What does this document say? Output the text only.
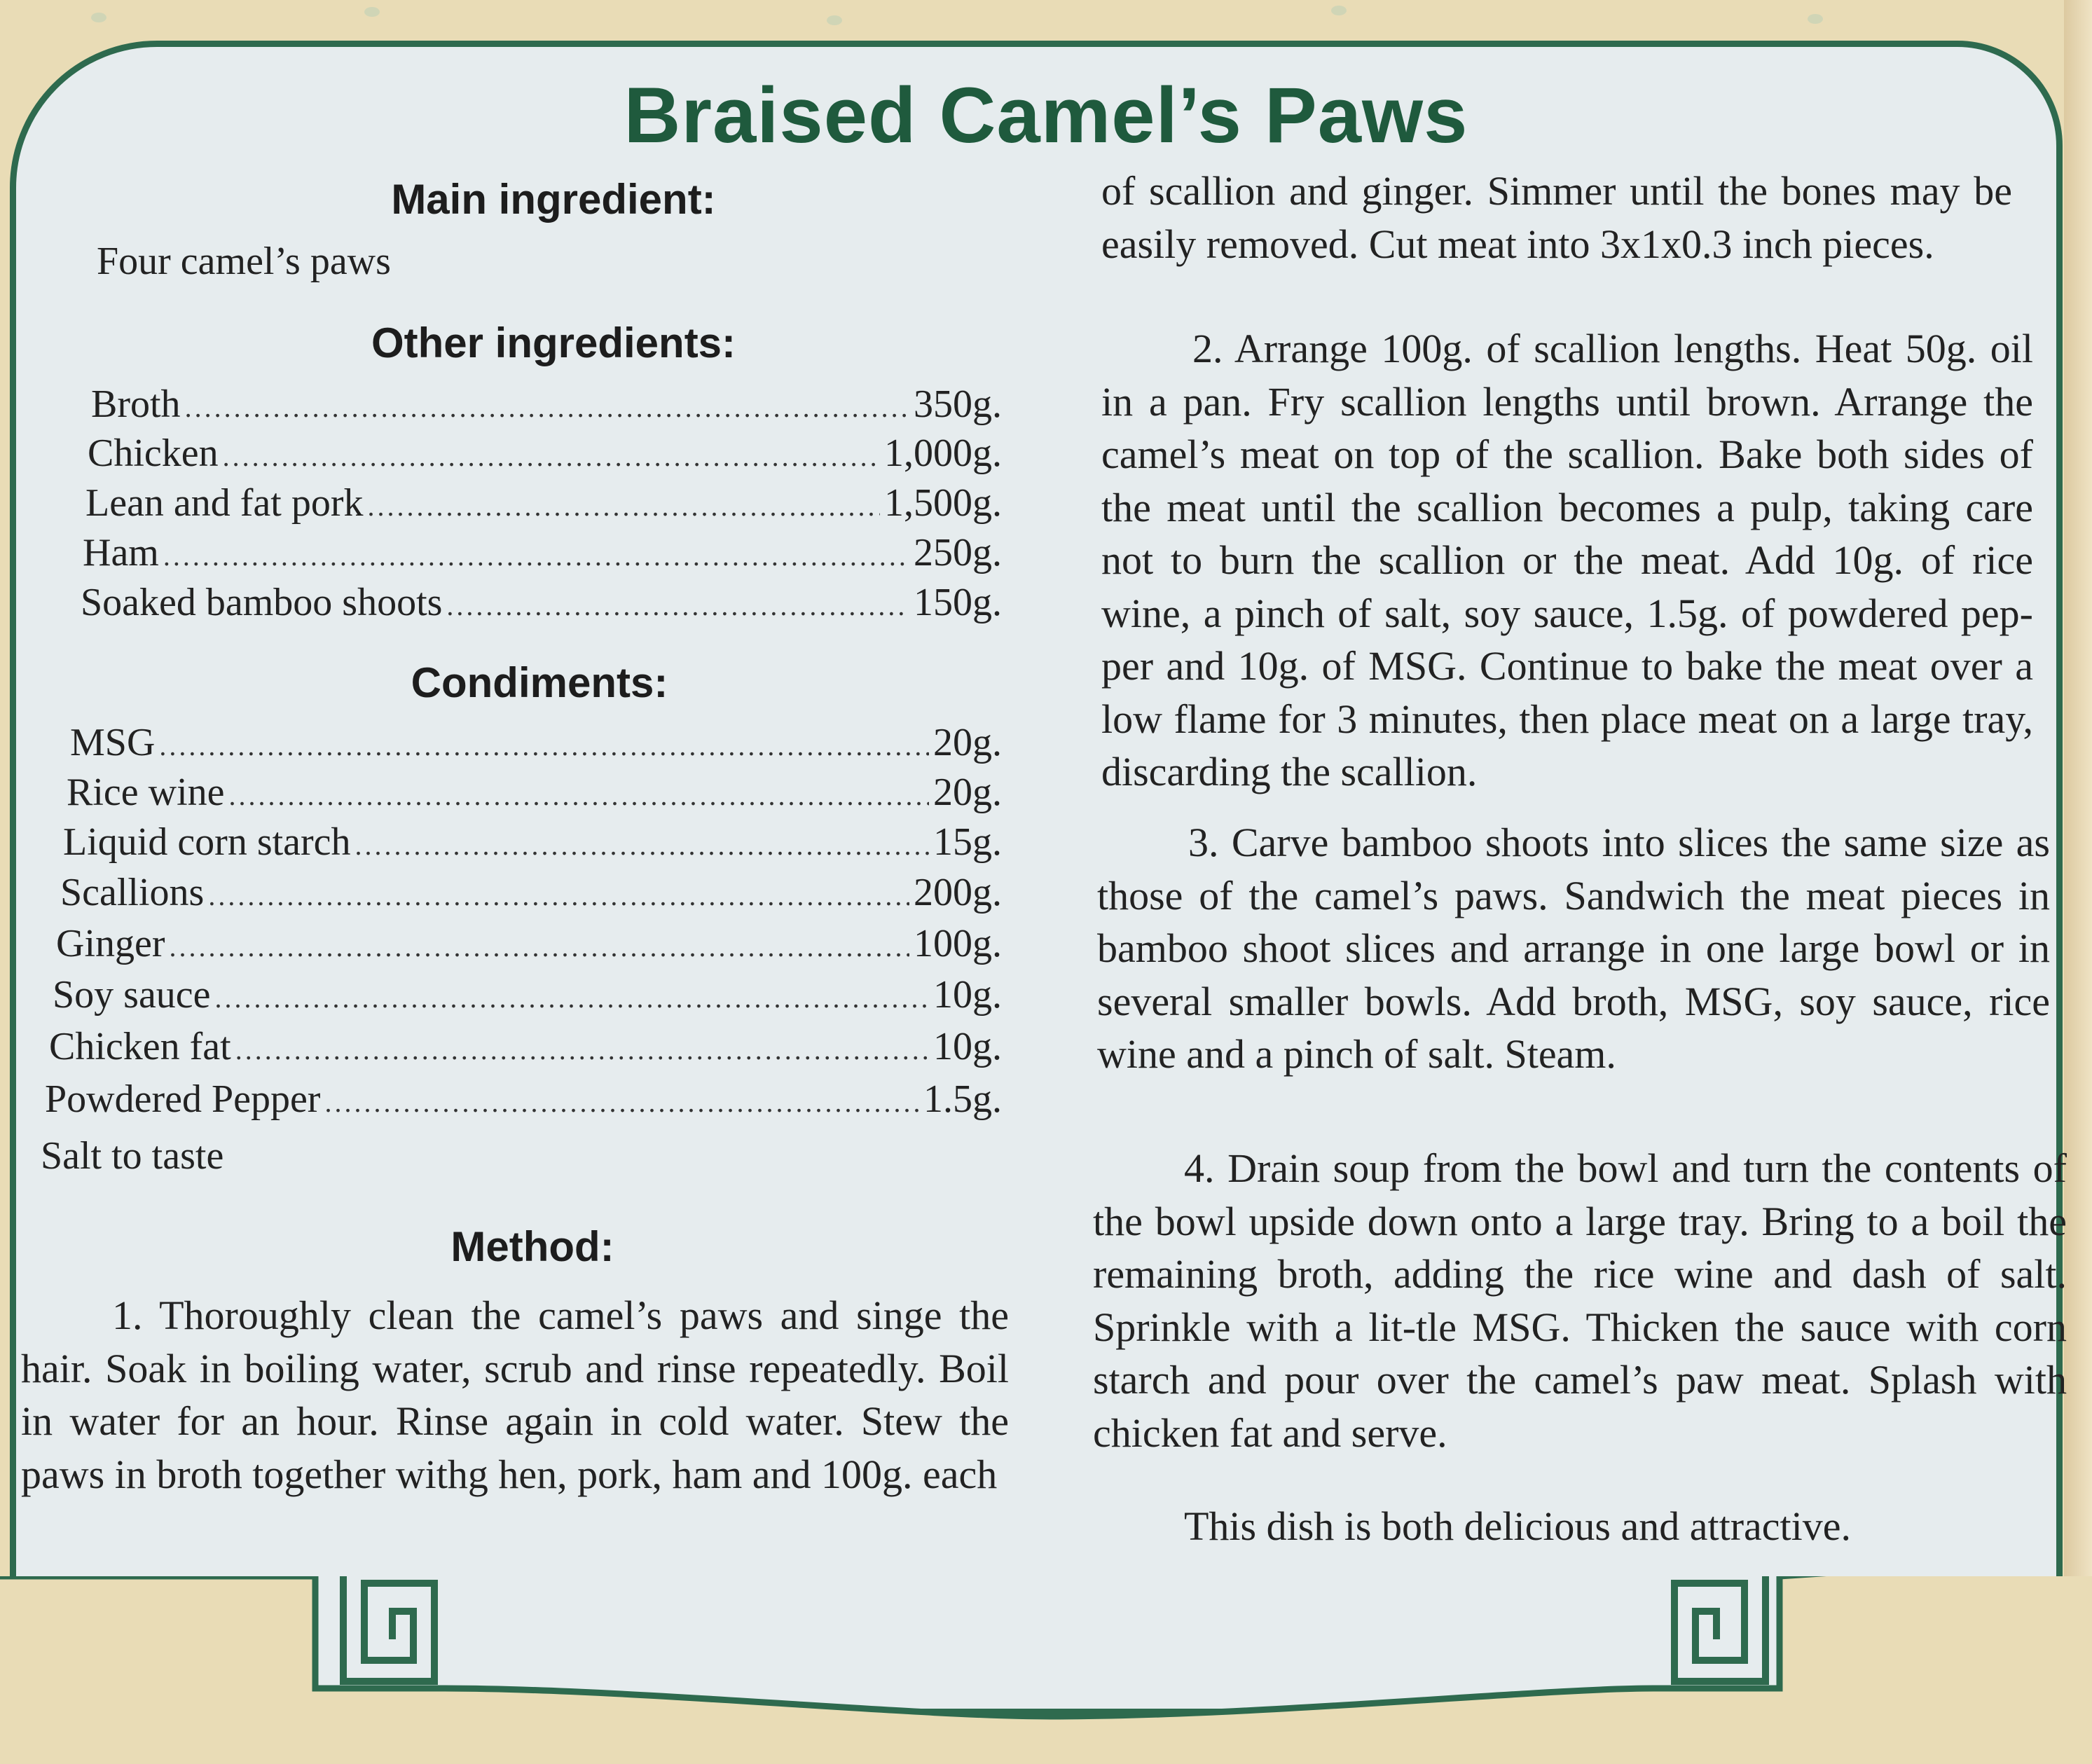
Braised Camel’s Paws
Main ingredient:
Four camel’s paws
Other ingredients:
Broth .....	350g.
Chicken .....	1,000g.
Lean and fat pork .....	1,500g.
Ham .....	250g.
Soaked bamboo shoots .....	150g.
Condiments:
MSG .....	20g.
Rice wine .....	20g.
Liquid corn starch .....	15g.
Scallions .....	200g.
Ginger .....	100g.
Soy sauce .....	10g.
Chicken fat .....	10g.
Powdered Pepper .....	1.5g.
Salt to taste
Method:
1. Thoroughly clean the camel’s paws and singe the hair. Soak in boiling water, scrub and rinse repeatedly. Boil in water for an hour. Rinse again in cold water. Stew the paws in broth together withg hen, pork, ham and 100g. each
of scallion and ginger. Simmer until the bones may be easily removed. Cut meat into 3x1x0.3 inch pieces.
2. Arrange 100g. of scallion lengths. Heat 50g. oil in a pan. Fry scallion lengths until brown. Arrange the camel’s meat on top of the scallion. Bake both sides of the meat until the scallion becomes a pulp, taking care not to burn the scallion or the meat. Add 10g. of rice wine, a pinch of salt, soy sauce, 1.5g. of powdered pep-per and 10g. of MSG. Continue to bake the meat over a low flame for 3 minutes, then place meat on a large tray, discarding the scallion.
3. Carve bamboo shoots into slices the same size as those of the camel’s paws. Sandwich the meat pieces in bamboo shoot slices and arrange in one large bowl or in several smaller bowls. Add broth, MSG, soy sauce, rice wine and a pinch of salt. Steam.
4. Drain soup from the bowl and turn the contents of the bowl upside down onto a large tray. Bring to a boil the remaining broth, adding the rice wine and dash of salt. Sprinkle with a lit-tle MSG. Thicken the sauce with corn starch and pour over the camel’s paw meat. Splash with chicken fat and serve.
This dish is both delicious and attractive.
